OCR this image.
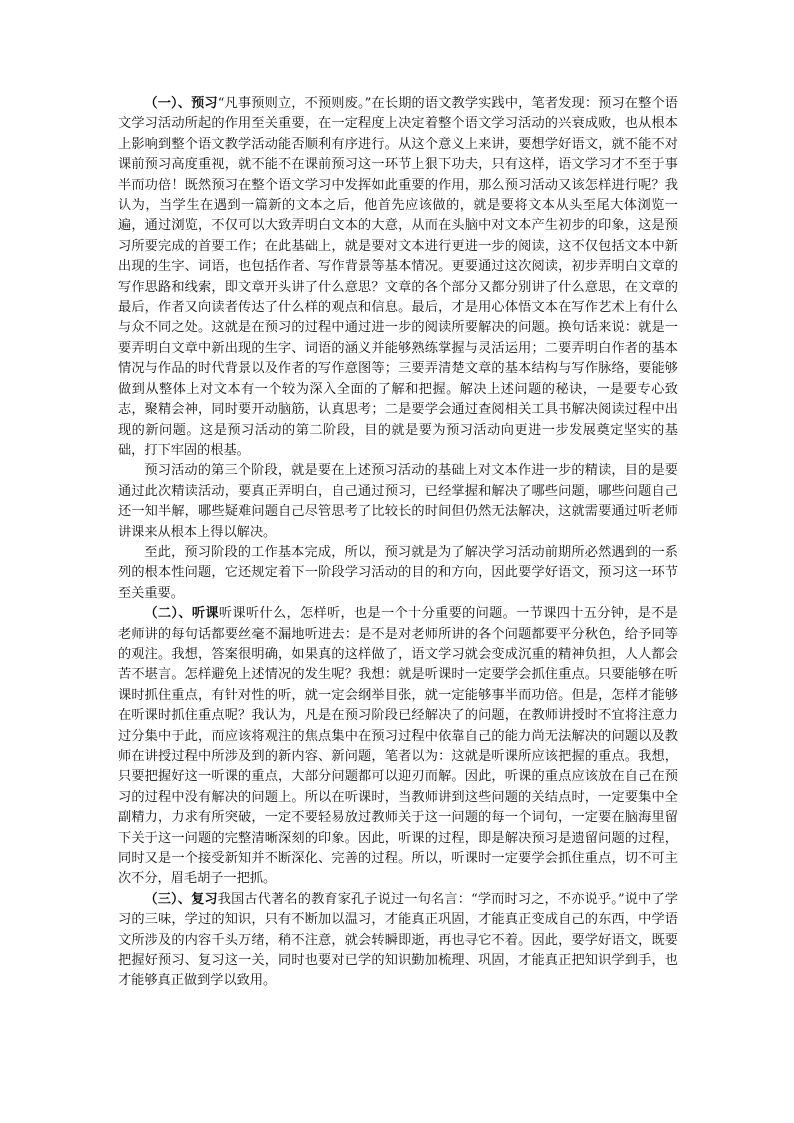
（一）、预习“凡事预则立，不预则废。”在长期的语文教学实践中，笔者发现：预习在整个语文学习活动所起的作用至关重要，在一定程度上决定着整个语文学习活动的兴衰成败，也从根本上影响到整个语文教学活动能否顺利有序进行。从这个意义上来讲，要想学好语文，就不能不对课前预习高度重视，就不能不在课前预习这一环节上狠下功夫，只有这样，语文学习才不至于事半而功倍！既然预习在整个语文学习中发挥如此重要的作用，那么预习活动又该怎样进行呢？我认为，当学生在遇到一篇新的文本之后，他首先应该做的，就是要将文本从头至尾大体浏览一遍，通过浏览，不仅可以大致弄明白文本的大意，从而在头脑中对文本产生初步的印象，这是预习所要完成的首要工作；在此基础上，就是要对文本进行更进一步的阅读，这不仅包括文本中新出现的生字、词语，也包括作者、写作背景等基本情况。更要通过这次阅读，初步弄明白文章的写作思路和线索，即文章开头讲了什么意思？文章的各个部分又都分别讲了什么意思，在文章的最后，作者又向读者传达了什么样的观点和信息。最后，才是用心体悟文本在写作艺术上有什么与众不同之处。这就是在预习的过程中通过进一步的阅读所要解决的问题。换句话来说：就是一要弄明白文章中新出现的生字、词语的涵义并能够熟练掌握与灵活运用；二要弄明白作者的基本情况与作品的时代背景以及作者的写作意图等；三要弄清楚文章的基本结构与写作脉络，要能够做到从整体上对文本有一个较为深入全面的了解和把握。解决上述问题的秘诀，一是要专心致志，聚精会神，同时要开动脑筋，认真思考；二是要学会通过查阅相关工具书解决阅读过程中出现的新问题。这是预习活动的第二阶段，目的就是要为预习活动向更进一步发展奠定坚实的基础，打下牢固的根基。

预习活动的第三个阶段，就是要在上述预习活动的基础上对文本作进一步的精读，目的是要通过此次精读活动，要真正弄明白，自己通过预习，已经掌握和解决了哪些问题，哪些问题自己还一知半解，哪些疑难问题自己尽管思考了比较长的时间但仍然无法解决，这就需要通过听老师讲课来从根本上得以解决。

至此，预习阶段的工作基本完成，所以，预习就是为了解决学习活动前期所必然遇到的一系列的根本性问题，它还规定着下一阶段学习活动的目的和方向，因此要学好语文，预习这一环节至关重要。

（二）、听课听课听什么，怎样听，也是一个十分重要的问题。一节课四十五分钟，是不是老师讲的每句话都要丝毫不漏地听进去：是不是对老师所讲的各个问题都要平分秋色，给予同等的观注。我想，答案很明确，如果真的这样做了，语文学习就会变成沉重的精神负担，人人都会苦不堪言。怎样避免上述情况的发生呢？我想：就是听课时一定要学会抓住重点。只要能够在听课时抓住重点，有针对性的听，就一定会纲举目张，就一定能够事半而功倍。但是，怎样才能够在听课时抓住重点呢？我认为，凡是在预习阶段已经解决了的问题，在教师讲授时不宜将注意力过分集中于此，而应该将观注的焦点集中在预习过程中依靠自己的能力尚无法解决的问题以及教师在讲授过程中所涉及到的新内容、新问题，笔者以为：这就是听课所应该把握的重点。我想，只要把握好这一听课的重点，大部分问题都可以迎刃而解。因此，听课的重点应该放在自己在预习的过程中没有解决的问题上。所以在听课时，当教师讲到这些问题的关结点时，一定要集中全副精力，力求有所突破，一定不要轻易放过教师关于这一问题的每一个词句，一定要在脑海里留下关于这一问题的完整清晰深刻的印象。因此，听课的过程，即是解决预习是遗留问题的过程，同时又是一个接受新知并不断深化、完善的过程。所以，听课时一定要学会抓住重点，切不可主次不分，眉毛胡子一把抓。

（三）、复习我国古代著名的教育家孔子说过一句名言：“学而时习之，不亦说乎。”说中了学习的三味，学过的知识，只有不断加以温习，才能真正巩固，才能真正变成自己的东西，中学语文所涉及的内容千头万绪，稍不注意，就会转瞬即逝，再也寻它不着。因此，要学好语文，既要把握好预习、复习这一关，同时也要对已学的知识勤加梳理、巩固，才能真正把知识学到手，也才能够真正做到学以致用。
